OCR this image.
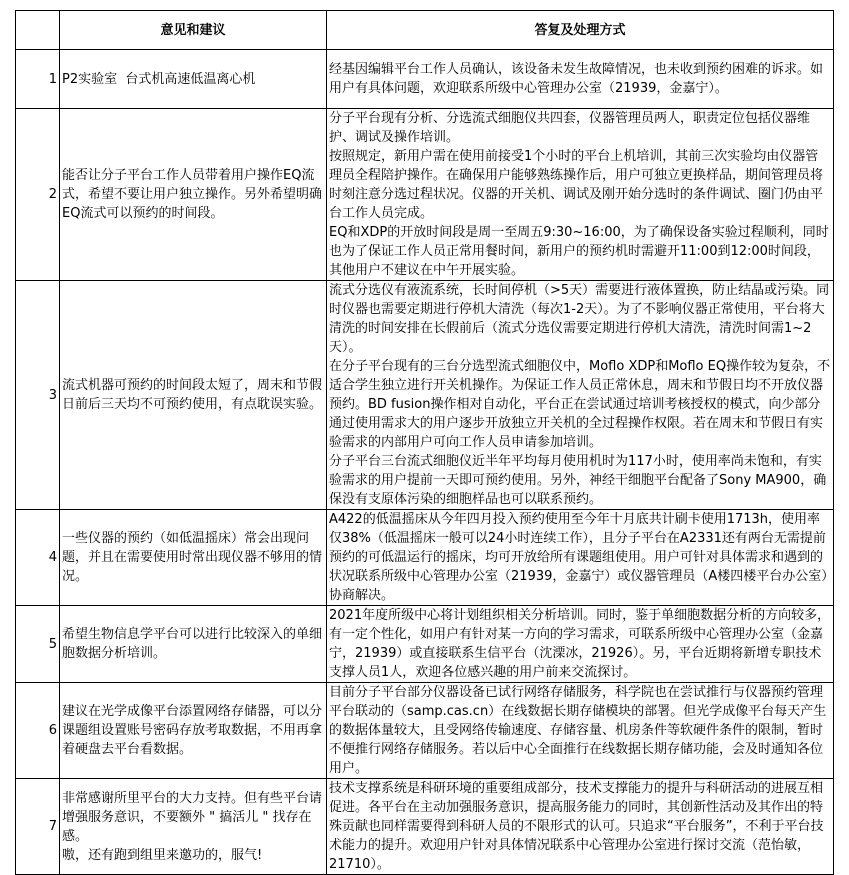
	意见和建议	答复及处理方式
1	P2实验室  台式机高速低温离心机	经基因编辑平台工作人员确认，该设备未发生故障情况，也未收到预约困难的诉求。如用户有具体问题，欢迎联系所级中心管理办公室（21939，金嘉宁）。

2	能否让分子平台工作人员带着用户操作EQ流式，希望不要让用户独立操作。另外希望明确EQ流式可以预约的时间段。	分子平台现有分析、分选流式细胞仪共四套，仪器管理员两人，职责定位包括仪器维护、调试及操作培训。

按照规定，新用户需在使用前接受1个小时的平台上机培训，其前三次实验均由仪器管理员全程陪护操作。在确保用户能够熟练操作后，用户可独立更换样品，期间管理员将时刻注意分选过程状况。仪器的开关机、调试及刚开始分选时的条件调试、圈门仍由平台工作人员完成。

EQ和XDP的开放时间段是周一至周五9:30~16:00，为了确保设备实验过程顺利，同时也为了保证工作人员正常用餐时间，新用户的预约机时需避开11:00到12:00时间段，其他用户不建议在中午开展实验。

3	流式机器可预约的时间段太短了，周末和节假日前后三天均不可预约使用，有点耽误实验。	流式分选仪有液流系统，长时间停机（>5天）需要进行液体置换，防止结晶或污染。同时仪器也需要定期进行停机大清洗（每次1-2天）。为了不影响仪器正常使用，平台将大清洗的时间安排在长假前后（流式分选仪需要定期进行停机大清洗，清洗时间需1~2天）。

在分子平台现有的三台分选型流式细胞仪中，Moflo XDP和Moflo EQ操作较为复杂，不适合学生独立进行开关机操作。为保证工作人员正常休息，周末和节假日均不开放仪器预约。BD fusion操作相对自动化，平台正在尝试通过培训考核授权的模式，向少部分通过使用需求大的用户逐步开放独立开关机的全过程操作权限。若在周末和节假日有实验需求的内部用户可向工作人员申请参加培训。

分子平台三台流式细胞仪近半年平均每月使用机时为117小时，使用率尚未饱和，有实验需求的用户提前一天即可预约使用。另外，神经干细胞平台配备了Sony MA900，确保没有支原体污染的细胞样品也可以联系预约。

4	一些仪器的预约（如低温摇床）常会出现问题，并且在需要使用时常出现仪器不够用的情况。	A422的低温摇床从今年四月投入预约使用至今年十月底共计刷卡使用1713h，使用率仅38%（低温摇床一般可以24小时连续工作），且分子平台在A2331还有两台无需提前预约的可低温运行的摇床，均可开放给所有课题组使用。用户可针对具体需求和遇到的状况联系所级中心管理办公室（21939，金嘉宁）或仪器管理员（A楼四楼平台办公室）协商解决。

5	希望生物信息学平台可以进行比较深入的单细胞数据分析培训。	2021年度所级中心将计划组织相关分析培训。同时，鉴于单细胞数据分析的方向较多，有一定个性化，如用户有针对某一方向的学习需求，可联系所级中心管理办公室（金嘉宁，21939）或直接联系生信平台（沈溧冰，21926）。另，平台近期将新增专职技术支撑人员1人，欢迎各位感兴趣的用户前来交流探讨。

6	建议在光学成像平台添置网络存储器，可以分课题组设置账号密码存放考取数据，不用再拿着硬盘去平台看数据。	目前分子平台部分仪器设备已试行网络存储服务，科学院也在尝试推行与仪器预约管理平台联动的（samp.cas.cn）在线数据长期存储模块的部署。但光学成像平台每天产生的数据体量较大，且受网络传输速度、存储容量、机房条件等软硬件条件的限制，暂时不便推行网络存储服务。若以后中心全面推行在线数据长期存储功能，会及时通知各位用户。

7	非常感谢所里平台的大力支持。但有些平台请增强服务意识，不要额外 " 搞活儿 " 找存在感。
嗷，还有跑到组里来邀功的，服气!	技术支撑系统是科研环境的重要组成部分，技术支撑能力的提升与科研活动的进展互相促进。各平台在主动加强服务意识，提高服务能力的同时，其创新性活动及其作出的特殊贡献也同样需要得到科研人员的不限形式的认可。只追求“平台服务”，不利于平台技术能力的提升。欢迎用户针对具体情况联系中心管理办公室进行探讨交流（范怡敏，21710）。
